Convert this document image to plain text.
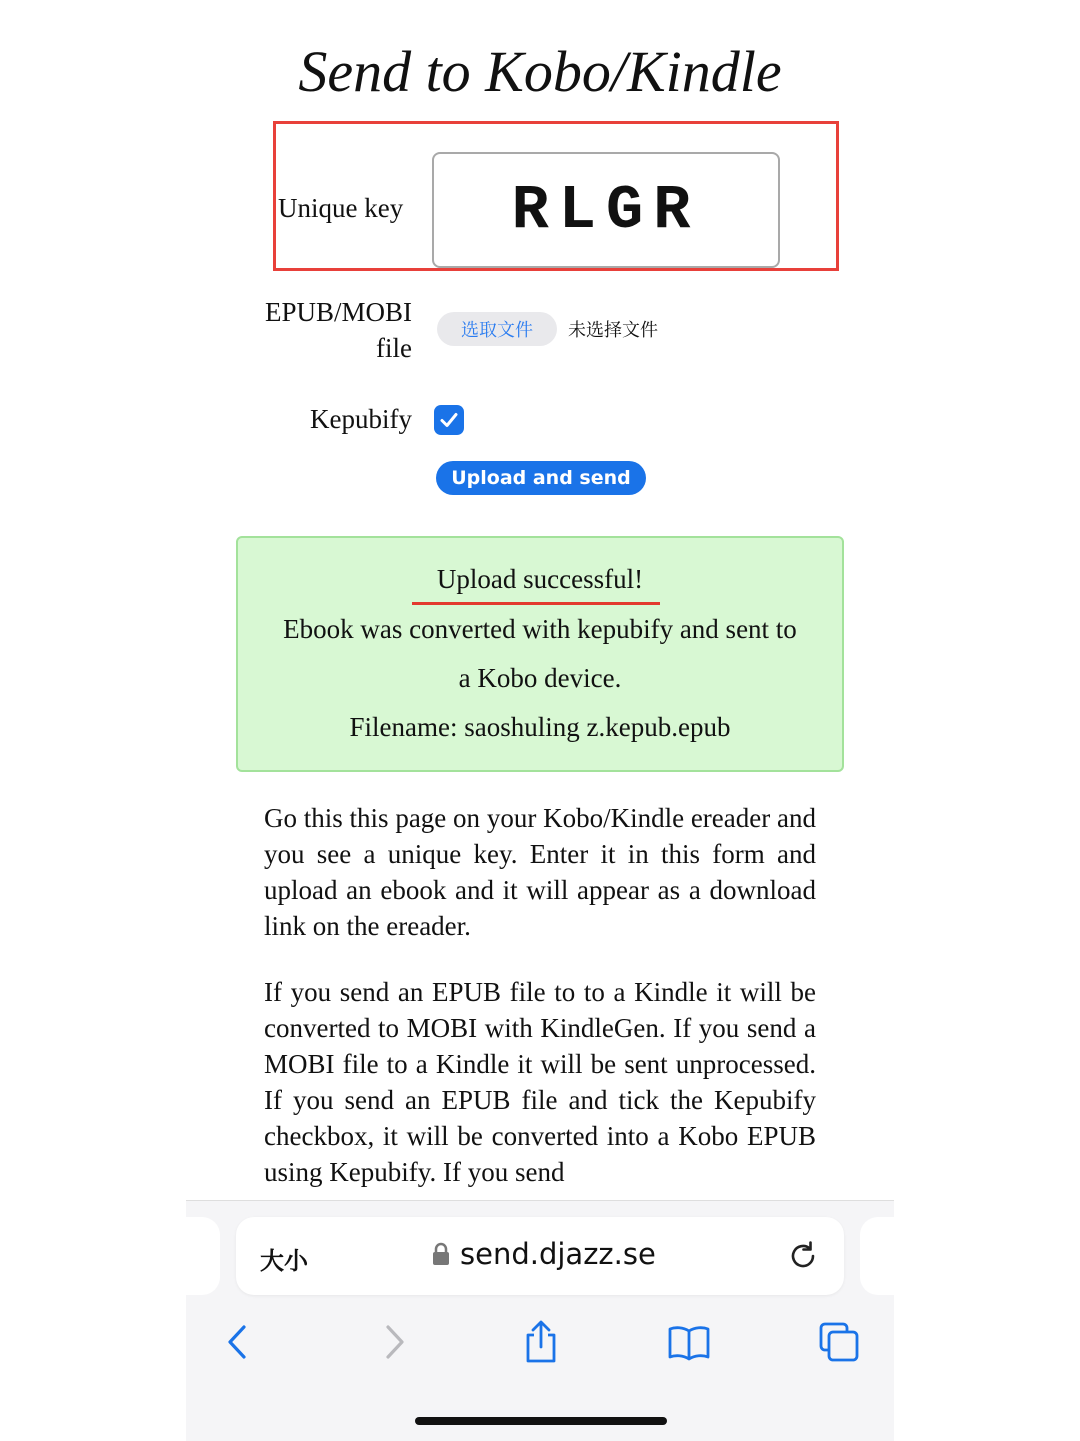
Send to Kobo/Kindle
Unique key
RLGR
EPUB/MOBI
file
选取文件	未选择文件
Kepubify
Upload and send
Upload successful!
Ebook was converted with kepubify and sent to
a Kobo device.
Filename: saoshuling z.kepub.epub

Go this this page on your Kobo/Kindle ereader and you see a unique key. Enter it in this form and upload an ebook and it will appear as a download link on the ereader.

If you send an EPUB file to to a Kindle it will be converted to MOBI with KindleGen. If you send a MOBI file to a Kindle it will be sent unprocessed. If you send an EPUB file and tick the Kepubify checkbox, it will be converted into a Kobo EPUB using Kepubify. If you send

大小	send.djazz.se
